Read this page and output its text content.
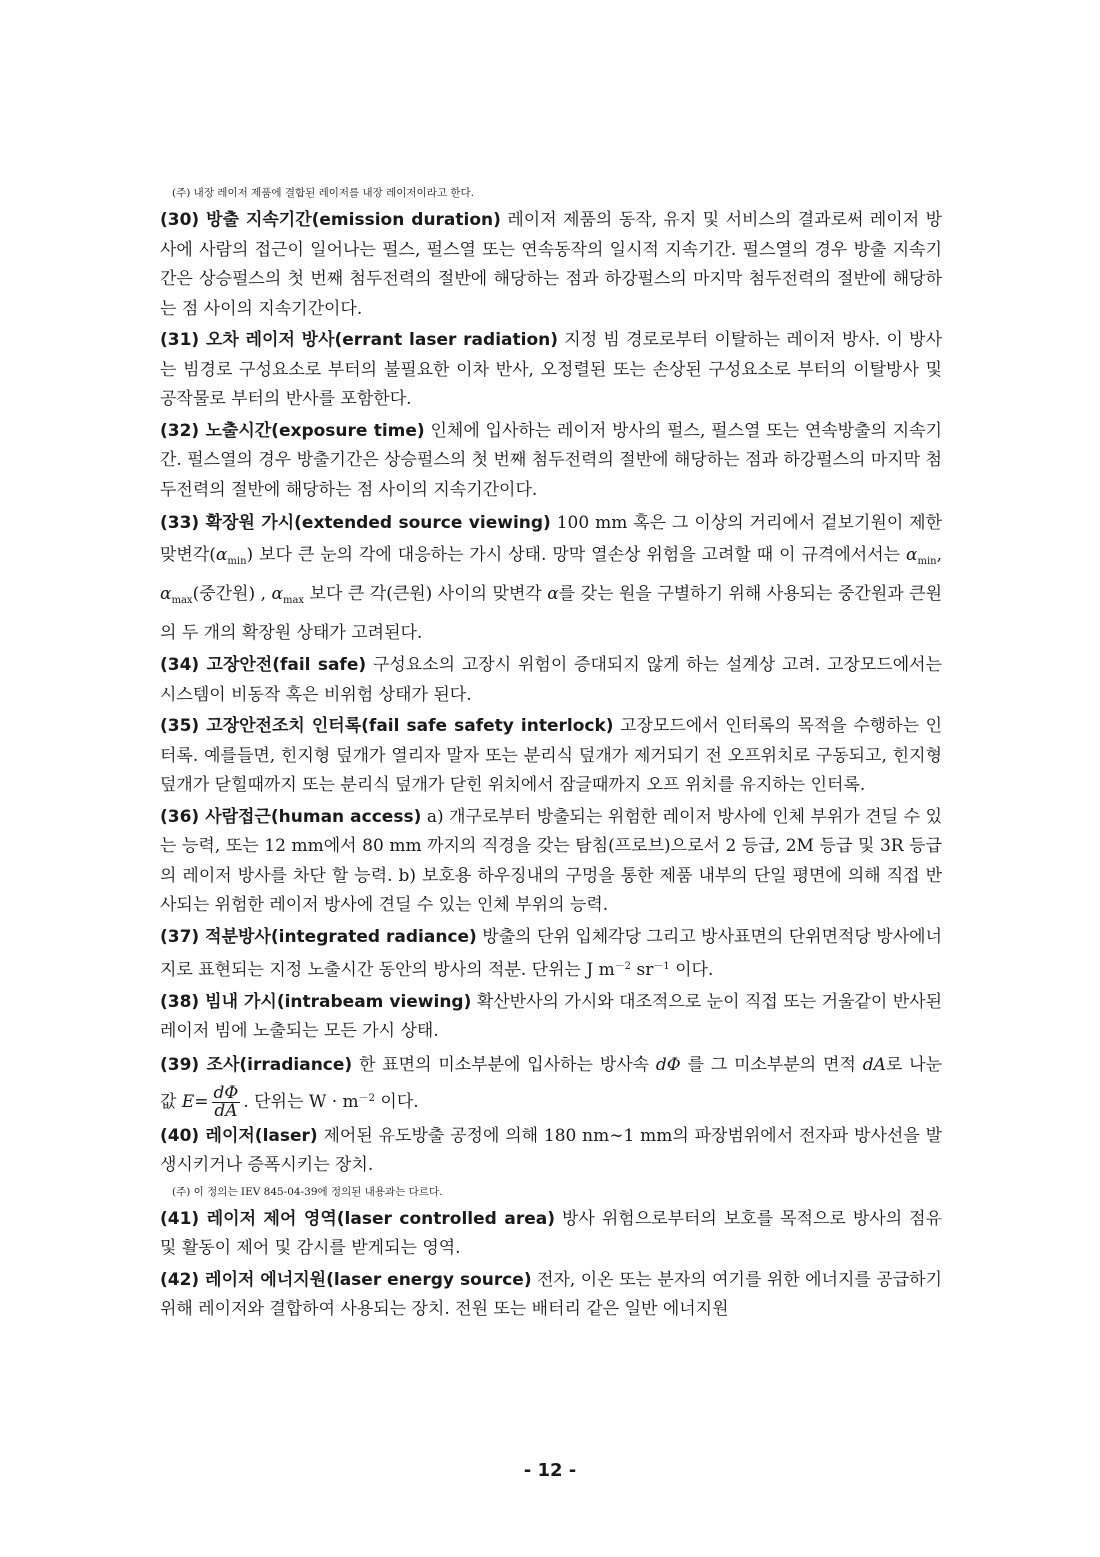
(주) 내장 레이저 제품에 결합된 레이저를 내장 레이저이라고 한다.
(30) 방출 지속기간(emission duration) 레이저 제품의 동작, 유지 및 서비스의 결과로써 레이저 방사에 사람의 접근이 일어나는 펄스, 펄스열 또는 연속동작의 일시적 지속기간. 펄스열의 경우 방출 지속기간은 상승펄스의 첫 번째 첨두전력의 절반에 해당하는 점과 하강펄스의 마지막 첨두전력의 절반에 해당하는 점 사이의 지속기간이다.
(31) 오차 레이저 방사(errant laser radiation) 지정 빔 경로로부터 이탈하는 레이저 방사. 이 방사는 빔경로 구성요소로 부터의 불필요한 이차 반사, 오정렬된 또는 손상된 구성요소로 부터의 이탈방사 및 공작물로 부터의 반사를 포함한다.
(32) 노출시간(exposure time) 인체에 입사하는 레이저 방사의 펄스, 펄스열 또는 연속방출의 지속기간. 펄스열의 경우 방출기간은 상승펄스의 첫 번째 첨두전력의 절반에 해당하는 점과 하강펄스의 마지막 첨두전력의 절반에 해당하는 점 사이의 지속기간이다.
(33) 확장원 가시(extended source viewing) 100 mm 혹은 그 이상의 거리에서 겉보기원이 제한 맞변각$(\alpha_{min})$ 보다 큰 눈의 각에 대응하는 가시 상태. 망막 열손상 위험을 고려할 때 이 규격에서서는 $\alpha_{min}$, $\alpha_{max}$(중간원) , $\alpha_{max}$ 보다 큰 각(큰원) 사이의 맞변각 α를 갖는 원을 구별하기 위해 사용되는 중간원과 큰원의 두 개의 확장원 상태가 고려된다.
(34) 고장안전(fail safe) 구성요소의 고장시 위험이 증대되지 않게 하는 설계상 고려. 고장모드에서는 시스템이 비동작 혹은 비위험 상태가 된다.
(35) 고장안전조치 인터록(fail safe safety interlock) 고장모드에서 인터록의 목적을 수행하는 인터록. 예를들면, 힌지형 덮개가 열리자 말자 또는 분리식 덮개가 제거되기 전 오프위치로 구동되고, 힌지형 덮개가 닫힐때까지 또는 분리식 덮개가 닫힌 위치에서 잠글때까지 오프 위치를 유지하는 인터록.
(36) 사람접근(human access) a) 개구로부터 방출되는 위험한 레이저 방사에 인체 부위가 견딜 수 있는 능력, 또는 12 mm에서 80 mm 까지의 직경을 갖는 탐침(프로브)으로서 2 등급, 2M 등급 및 3R 등급의 레이저 방사를 차단 할 능력. b) 보호용 하우징내의 구멍을 통한 제품 내부의 단일 평면에 의해 직접 반사되는 위험한 레이저 방사에 견딜 수 있는 인체 부위의 능력.
(37) 적분방사(integrated radiance) 방출의 단위 입체각당 그리고 방사표면의 단위면적당 방사에너지로 표현되는 지정 노출시간 동안의 방사의 적분. 단위는 J $m^{-2}$ $sr^{-1}$ 이다.
(38) 빔내 가시(intrabeam viewing) 확산반사의 가시와 대조적으로 눈이 직접 또는 거울같이 반사된 레이저 빔에 노출되는 모든 가시 상태.
(39) 조사(irradiance) 한 표면의 미소부분에 입사하는 방사속 dΦ 를 그 미소부분의 면적 dA로 나눈 값 $E= \frac{d\Phi}{dA}$ . 단위는 $W \cdot m^{-2}$ 이다.
(40) 레이저(laser) 제어된 유도방출 공정에 의해 180 nm∼1 mm의 파장범위에서 전자파 방사선을 발생시키거나 증폭시키는 장치.
(주) 이 정의는 IEV 845-04-39에 정의된 내용과는 다르다.
(41) 레이저 제어 영역(laser controlled area) 방사 위험으로부터의 보호를 목적으로 방사의 점유 및 활동이 제어 및 감시를 받게되는 영역.
(42) 레이저 에너지원(laser energy source) 전자, 이온 또는 분자의 여기를 위한 에너지를 공급하기 위해 레이저와 결합하여 사용되는 장치. 전원 또는 배터리 같은 일반 에너지원
- 12 -
